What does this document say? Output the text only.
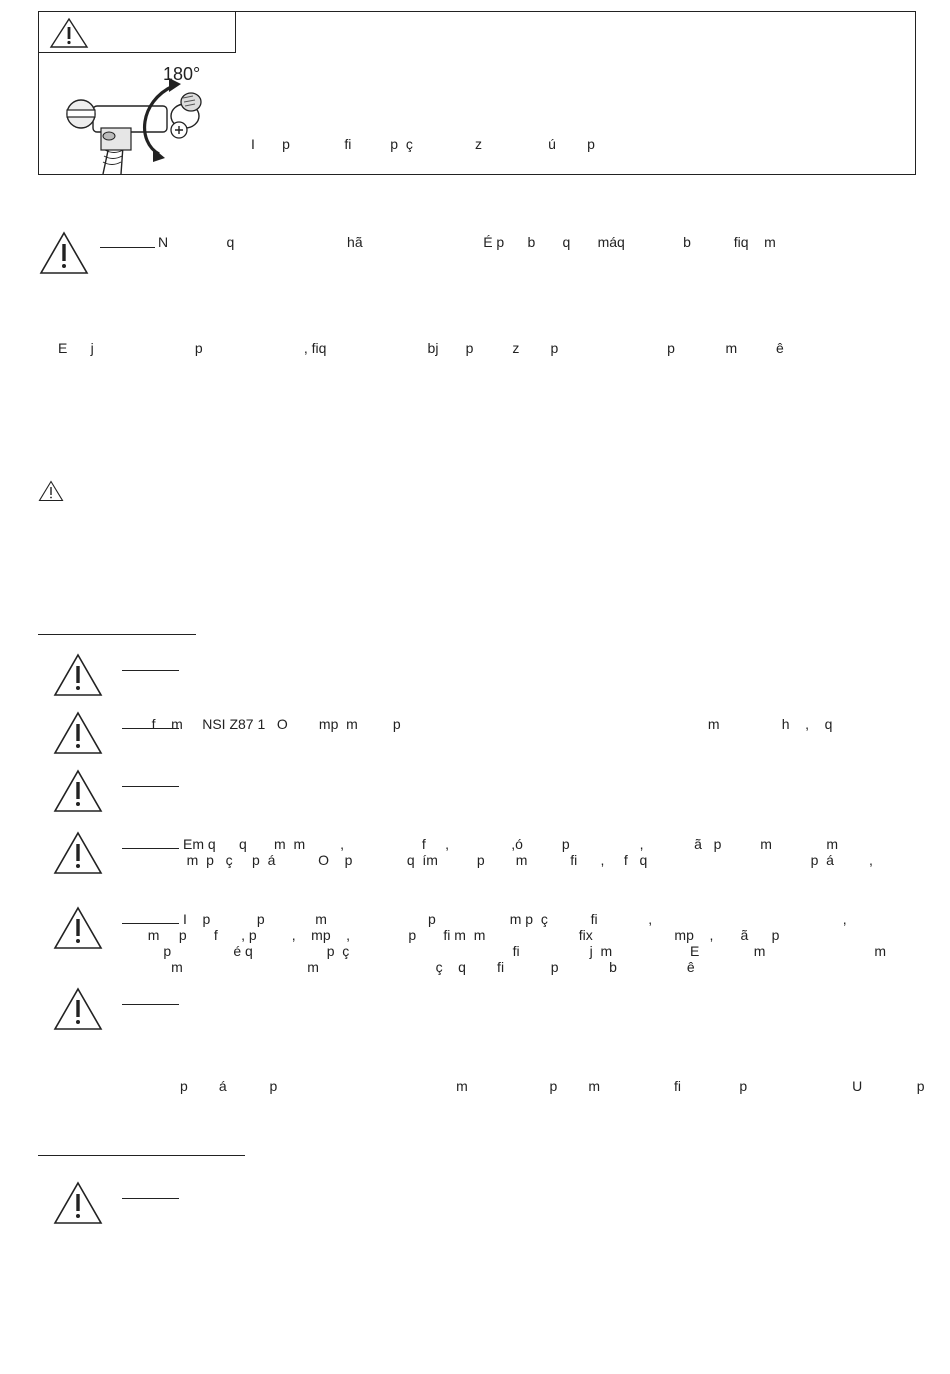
180°
I       p              fi          p  ç                z                 ú        p
N               q                             hã                               É p      b       q       máq               b           fiq    m
E      j                          p                          , fiq                          bj       p          z        p                            p             m          ê
p        á           p                                              m                     p        m                   fi               p                           U              p
f    m     NSI Z87 1   O        mp  m         p                                                                               m                h    ,    q
Em q      q       m  m         ,                    f     ,                ,ó          p                  ,             ã   p          m              m
m  p   ç     p  á           O    p              q  ím          p        m           fi      ,     f   q                                          p  á         ,
I    p            p             m                          p                   m p  ç           fi             ,                                                 ,
m     p       f      , p         ,    mp    ,               p       fi m  m                        fix                     mp    ,       ã      p
p                é q                   p  ç                                          fi                  j  m                    E              m                            m
m                                m                              ç    q        fi            p             b                  ê
